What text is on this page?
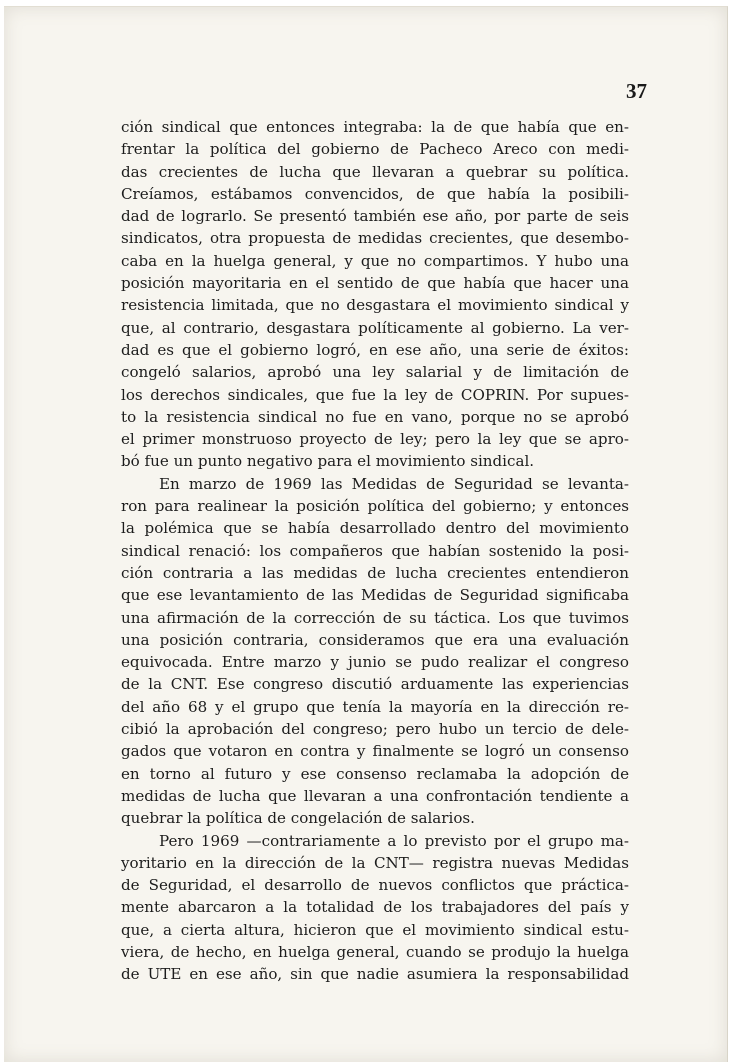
37

ción sindical que entonces integraba: la de que había que en-
frentar la política del gobierno de Pacheco Areco con medi-
das crecientes de lucha que llevaran a quebrar su política.
Creíamos, estábamos convencidos, de que había la posibili-
dad de lograrlo. Se presentó también ese año, por parte de seis
sindicatos, otra propuesta de medidas crecientes, que desembo-
caba en la huelga general, y que no compartimos. Y hubo una
posición mayoritaria en el sentido de que había que hacer una
resistencia limitada, que no desgastara el movimiento sindical y
que, al contrario, desgastara políticamente al gobierno. La ver-
dad es que el gobierno logró, en ese año, una serie de éxitos:
congeló salarios, aprobó una ley salarial y de limitación de
los derechos sindicales, que fue la ley de COPRIN. Por supues-
to la resistencia sindical no fue en vano, porque no se aprobó
el primer monstruoso proyecto de ley; pero la ley que se apro-
bó fue un punto negativo para el movimiento sindical.

En marzo de 1969 las Medidas de Seguridad se levanta-
ron para realinear la posición política del gobierno; y entonces
la polémica que se había desarrollado dentro del movimiento
sindical renació: los compañeros que habían sostenido la posi-
ción contraria a las medidas de lucha crecientes entendieron
que ese levantamiento de las Medidas de Seguridad significaba
una afirmación de la corrección de su táctica. Los que tuvimos
una posición contraria, consideramos que era una evaluación
equivocada. Entre marzo y junio se pudo realizar el congreso
de la CNT. Ese congreso discutió arduamente las experiencias
del año 68 y el grupo que tenía la mayoría en la dirección re-
cibió la aprobación del congreso; pero hubo un tercio de dele-
gados que votaron en contra y finalmente se logró un consenso
en torno al futuro y ese consenso reclamaba la adopción de
medidas de lucha que llevaran a una confrontación tendiente a
quebrar la política de congelación de salarios.

Pero 1969 —contrariamente a lo previsto por el grupo ma-
yoritario en la dirección de la CNT— registra nuevas Medidas
de Seguridad, el desarrollo de nuevos conflictos que práctica-
mente abarcaron a la totalidad de los trabajadores del país y
que, a cierta altura, hicieron que el movimiento sindical estu-
viera, de hecho, en huelga general, cuando se produjo la huelga
de UTE en ese año, sin que nadie asumiera la responsabilidad
